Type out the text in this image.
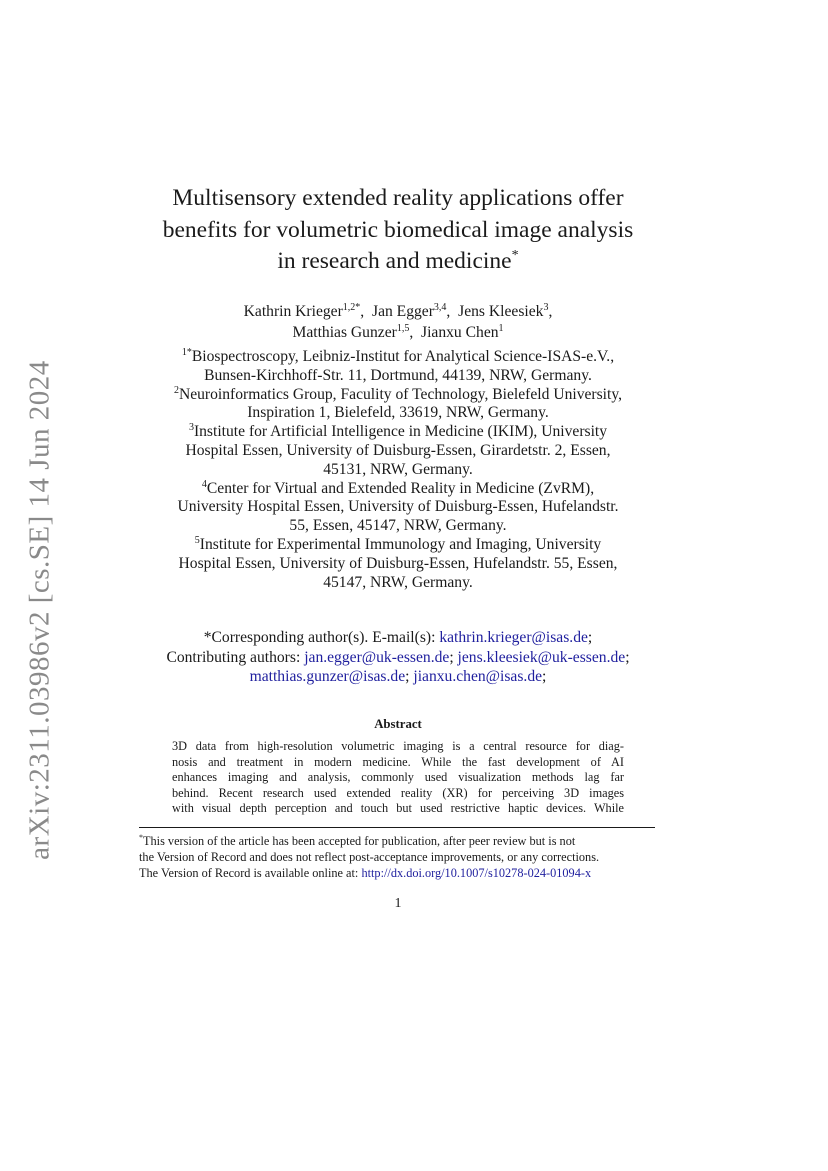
arXiv:2311.03986v2 [cs.SE] 14 Jun 2024
Multisensory extended reality applications offer
benefits for volumetric biomedical image analysis
in research and medicine*
Kathrin Krieger$^{1,2*}$,  Jan Egger$^{3,4}$,  Jens Kleesiek$^3$,
Matthias Gunzer$^{1,5}$,  Jianxu Chen$^1$
$^{1*}$Biospectroscopy, Leibniz-Institut for Analytical Science-ISAS-e.V.,
Bunsen-Kirchhoff-Str. 11, Dortmund, 44139, NRW, Germany.
$^2$Neuroinformatics Group, Faculity of Technology, Bielefeld University,
Inspiration 1, Bielefeld, 33619, NRW, Germany.
$^3$Institute for Artificial Intelligence in Medicine (IKIM), University
Hospital Essen, University of Duisburg-Essen, Girardetstr. 2, Essen,
45131, NRW, Germany.
$^4$Center for Virtual and Extended Reality in Medicine (ZvRM),
University Hospital Essen, University of Duisburg-Essen, Hufelandstr.
55, Essen, 45147, NRW, Germany.
$^5$Institute for Experimental Immunology and Imaging, University
Hospital Essen, University of Duisburg-Essen, Hufelandstr. 55, Essen,
45147, NRW, Germany.
*Corresponding author(s). E-mail(s): kathrin.krieger@isas.de;
Contributing authors: jan.egger@uk-essen.de; jens.kleesiek@uk-essen.de;
matthias.gunzer@isas.de; jianxu.chen@isas.de;
Abstract
3D data from high-resolution volumetric imaging is a central resource for diag-
nosis and treatment in modern medicine. While the fast development of AI
enhances imaging and analysis, commonly used visualization methods lag far
behind. Recent research used extended reality (XR) for perceiving 3D images
with visual depth perception and touch but used restrictive haptic devices. While
*This version of the article has been accepted for publication, after peer review but is not
the Version of Record and does not reflect post-acceptance improvements, or any corrections.
The Version of Record is available online at: http://dx.doi.org/10.1007/s10278-024-01094-x
1
